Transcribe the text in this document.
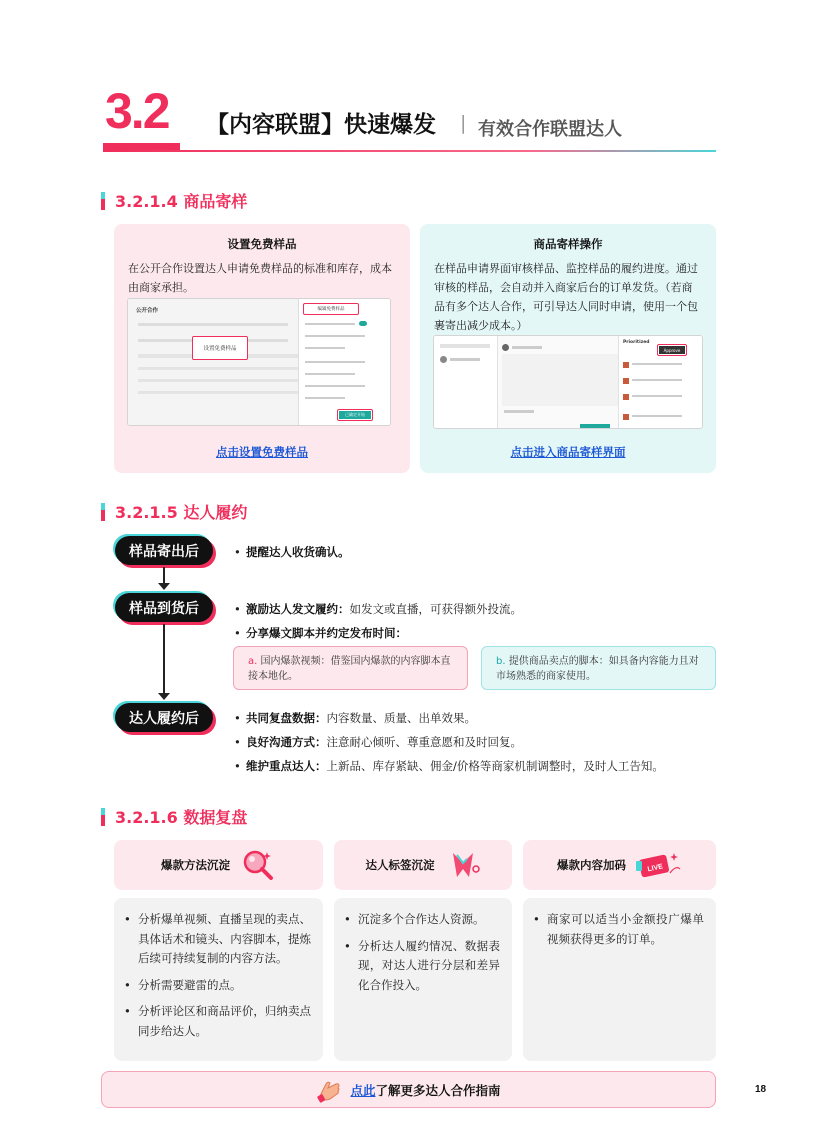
3.2 【内容联盟】快速爆发 | 有效合作联盟达人
3.2.1.4 商品寄样
设置免费样品
在公开合作设置达人申请免费样品的标准和库存，成本由商家承担。
公开合作
设置免费样品
编辑免费样品
已确定开始
点击设置免费样品
商品寄样操作
在样品申请界面审核样品、监控样品的履约进度。通过审核的样品，会自动并入商家后台的订单发货。（若商品有多个达人合作，可引导达人同时申请，使用一个包裹寄出减少成本。）
Prioritized
Approve
点击进入商品寄样界面
3.2.1.5 达人履约
样品寄出后
样品到货后
达人履约后
• 提醒达人收货确认。
• 激励达人发文履约：如发文或直播，可获得额外投流。
• 分享爆文脚本并约定发布时间：
a. 国内爆款视频：借鉴国内爆款的内容脚本直接本地化。
b. 提供商品卖点的脚本：如具备内容能力且对市场熟悉的商家使用。
• 共同复盘数据：内容数量、质量、出单效果。
• 良好沟通方式：注意耐心倾听、尊重意愿和及时回复。
• 维护重点达人：上新品、库存紧缺、佣金/价格等商家机制调整时，及时人工告知。
3.2.1.6 数据复盘
爆款方法沉淀	达人标签沉淀	爆款内容加码	LIVE
• 分析爆单视频、直播呈现的卖点、具体话术和镜头、内容脚本，提炼后续可持续复制的内容方法。
• 分析需要避雷的点。
• 分析评论区和商品评价，归纳卖点同步给达人。
• 沉淀多个合作达人资源。
• 分析达人履约情况、数据表现，对达人进行分层和差异化合作投入。
• 商家可以适当小金额投广爆单视频获得更多的订单。
点此 了解更多达人合作指南	18
